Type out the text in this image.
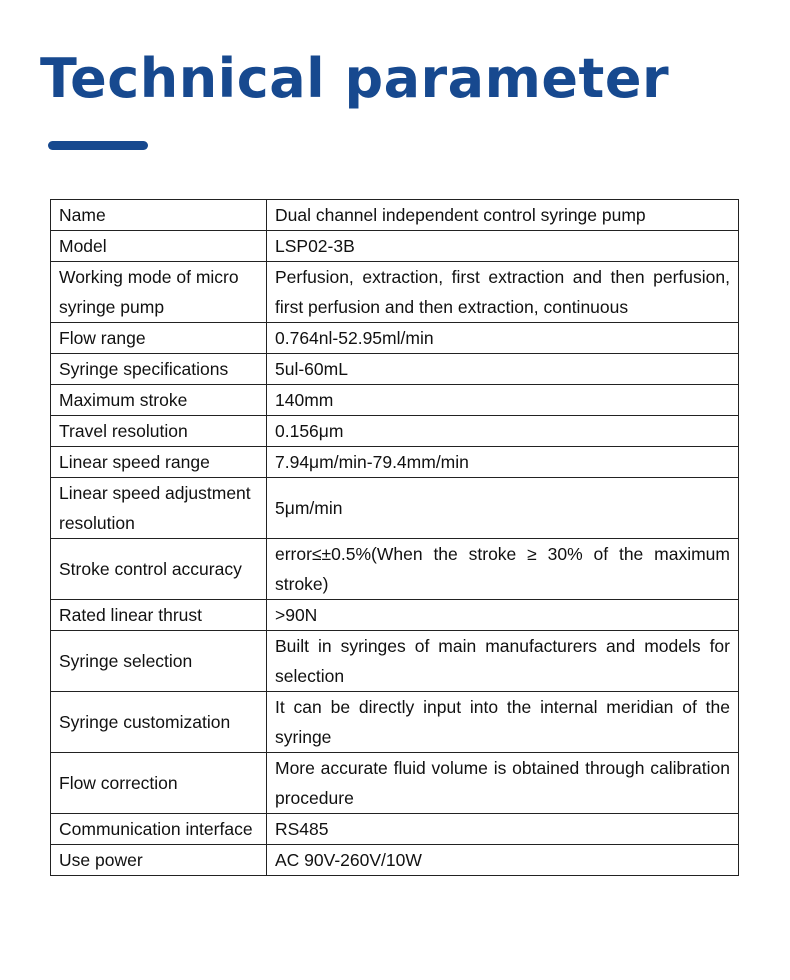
Technical parameter
Name	Dual channel independent control syringe pump
Model	LSP02-3B
Working mode of micro syringe pump	Perfusion, extraction, first extraction and then perfusion, first perfusion and then extraction, continuous
Flow range	0.764nl-52.95ml/min
Syringe specifications	5ul-60mL
Maximum stroke	140mm
Travel resolution	0.156μm
Linear speed range	7.94μm/min-79.4mm/min
Linear speed adjustment resolution	5μm/min
Stroke control accuracy	error≤±0.5%(When the stroke ≥ 30% of the maximum stroke)
Rated linear thrust	>90N
Syringe selection	Built in syringes of main manufacturers and models for selection
Syringe customization	It can be directly input into the internal meridian of the syringe
Flow correction	More accurate fluid volume is obtained through calibration procedure
Communication interface	RS485
Use power	AC 90V-260V/10W
